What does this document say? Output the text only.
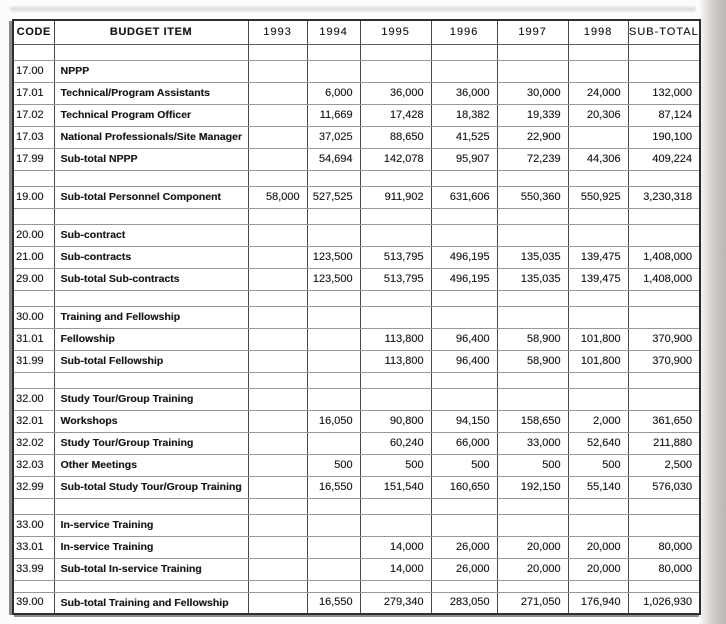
CODE	BUDGET ITEM	1993	1994	1995	1996	1997	1998	SUB-TOTAL

17.00	NPPP							
17.01	Technical/Program Assistants		6,000	36,000	36,000	30,000	24,000	132,000
17.02	Technical Program Officer		11,669	17,428	18,382	19,339	20,306	87,124
17.03	National Professionals/Site Manager		37,025	88,650	41,525	22,900		190,100
17.99	Sub-total NPPP		54,694	142,078	95,907	72,239	44,306	409,224

19.00	Sub-total Personnel Component	58,000	527,525	911,902	631,606	550,360	550,925	3,230,318

20.00	Sub-contract							
21.00	Sub-contracts		123,500	513,795	496,195	135,035	139,475	1,408,000
29.00	Sub-total Sub-contracts		123,500	513,795	496,195	135,035	139,475	1,408,000

30.00	Training and Fellowship							
31.01	Fellowship			113,800	96,400	58,900	101,800	370,900
31.99	Sub-total Fellowship			113,800	96,400	58,900	101,800	370,900

32.00	Study Tour/Group Training							
32.01	Workshops		16,050	90,800	94,150	158,650	2,000	361,650
32.02	Study Tour/Group Training			60,240	66,000	33,000	52,640	211,880
32.03	Other Meetings		500	500	500	500	500	2,500
32.99	Sub-total Study Tour/Group Training		16,550	151,540	160,650	192,150	55,140	576,030

33.00	In-service Training							
33.01	In-service Training			14,000	26,000	20,000	20,000	80,000
33.99	Sub-total In-service Training			14,000	26,000	20,000	20,000	80,000

39.00	Sub-total Training and Fellowship		16,550	279,340	283,050	271,050	176,940	1,026,930
